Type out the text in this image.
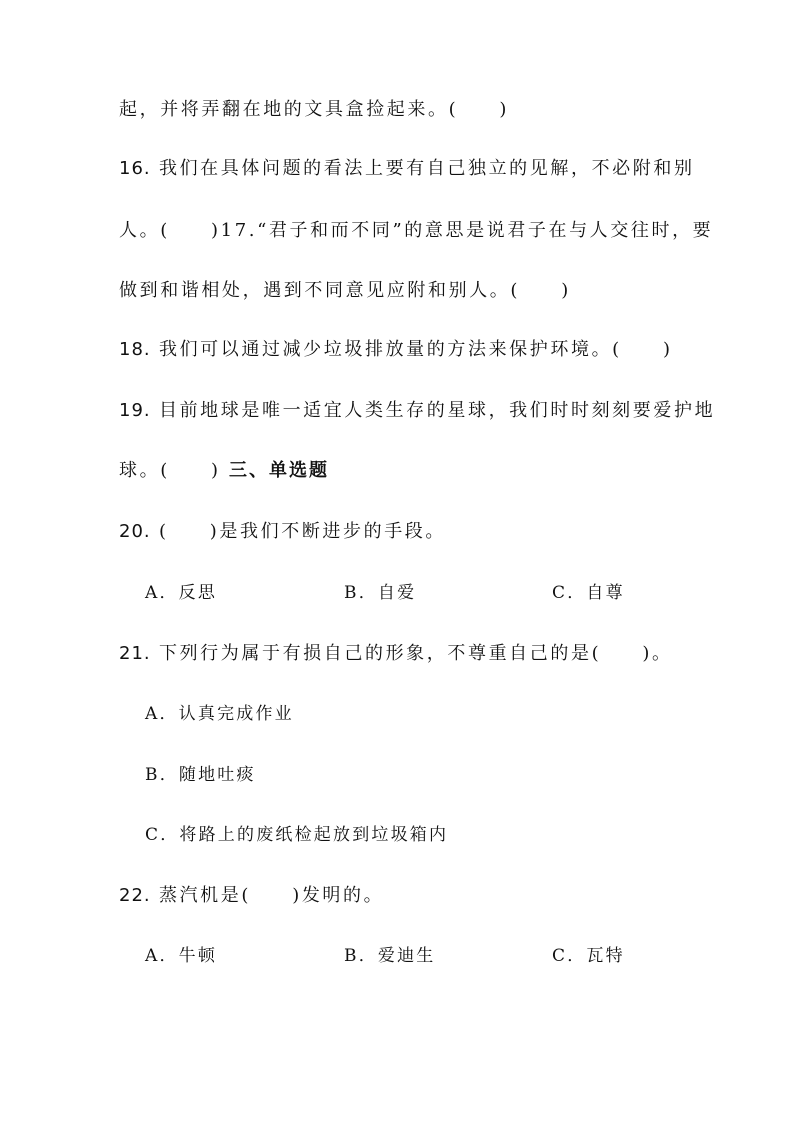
起，并将弄翻在地的文具盒捡起来。(　　)
16. 我们在具体问题的看法上要有自己独立的见解，不必附和别
人。(　　)17.“君子和而不同”的意思是说君子在与人交往时，要
做到和谐相处，遇到不同意见应附和别人。(　　)
18. 我们可以通过减少垃圾排放量的方法来保护环境。(　　)
19. 目前地球是唯一适宜人类生存的星球，我们时时刻刻要爱护地
球。(　　) 三、单选题
20. (　　)是我们不断进步的手段。
A．反思	B．自爱	C．自尊
21. 下列行为属于有损自己的形象，不尊重自己的是(　　)。
A．认真完成作业
B．随地吐痰
C．将路上的废纸检起放到垃圾箱内
22. 蒸汽机是(　　)发明的。
A．牛顿	B．爱迪生	C．瓦特
